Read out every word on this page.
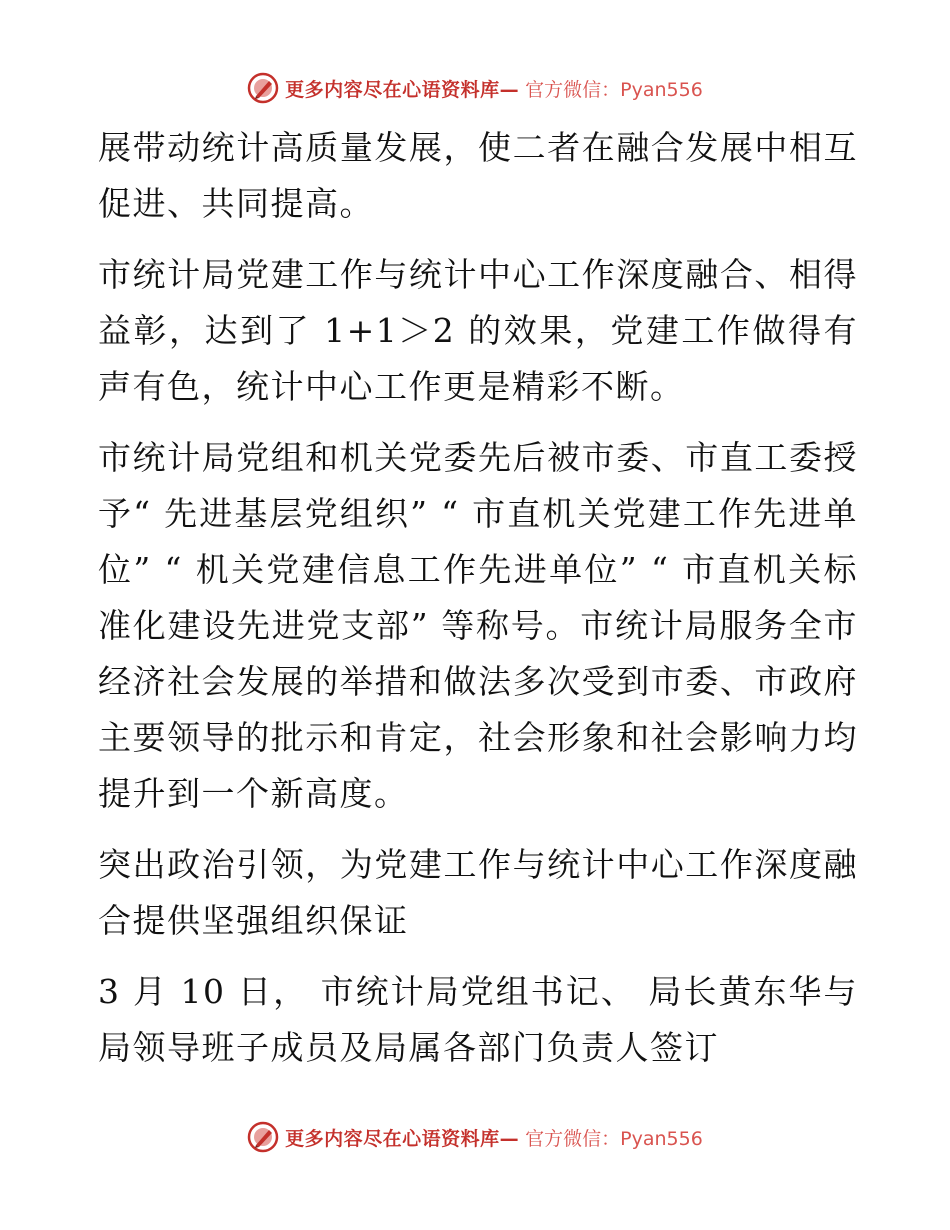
更多内容尽在心语资料库— 官方微信：Pyan556

展带动统计高质量发展，使二者在融合发展中相互促进、共同提高。

市统计局党建工作与统计中心工作深度融合、相得益彰，达到了 1+1＞2 的效果，党建工作做得有声有色，统计中心工作更是精彩不断。

市统计局党组和机关党委先后被市委、市直工委授予“ 先进基层党组织” “ 市直机关党建工作先进单位” “ 机关党建信息工作先进单位” “ 市直机关标准化建设先进党支部” 等称号。市统计局服务全市经济社会发展的举措和做法多次受到市委、市政府主要领导的批示和肯定，社会形象和社会影响力均提升到一个新高度。

突出政治引领，为党建工作与统计中心工作深度融合提供坚强组织保证

3 月 10 日， 市统计局党组书记、 局长黄东华与局领导班子成员及局属各部门负责人签订

更多内容尽在心语资料库— 官方微信：Pyan556
